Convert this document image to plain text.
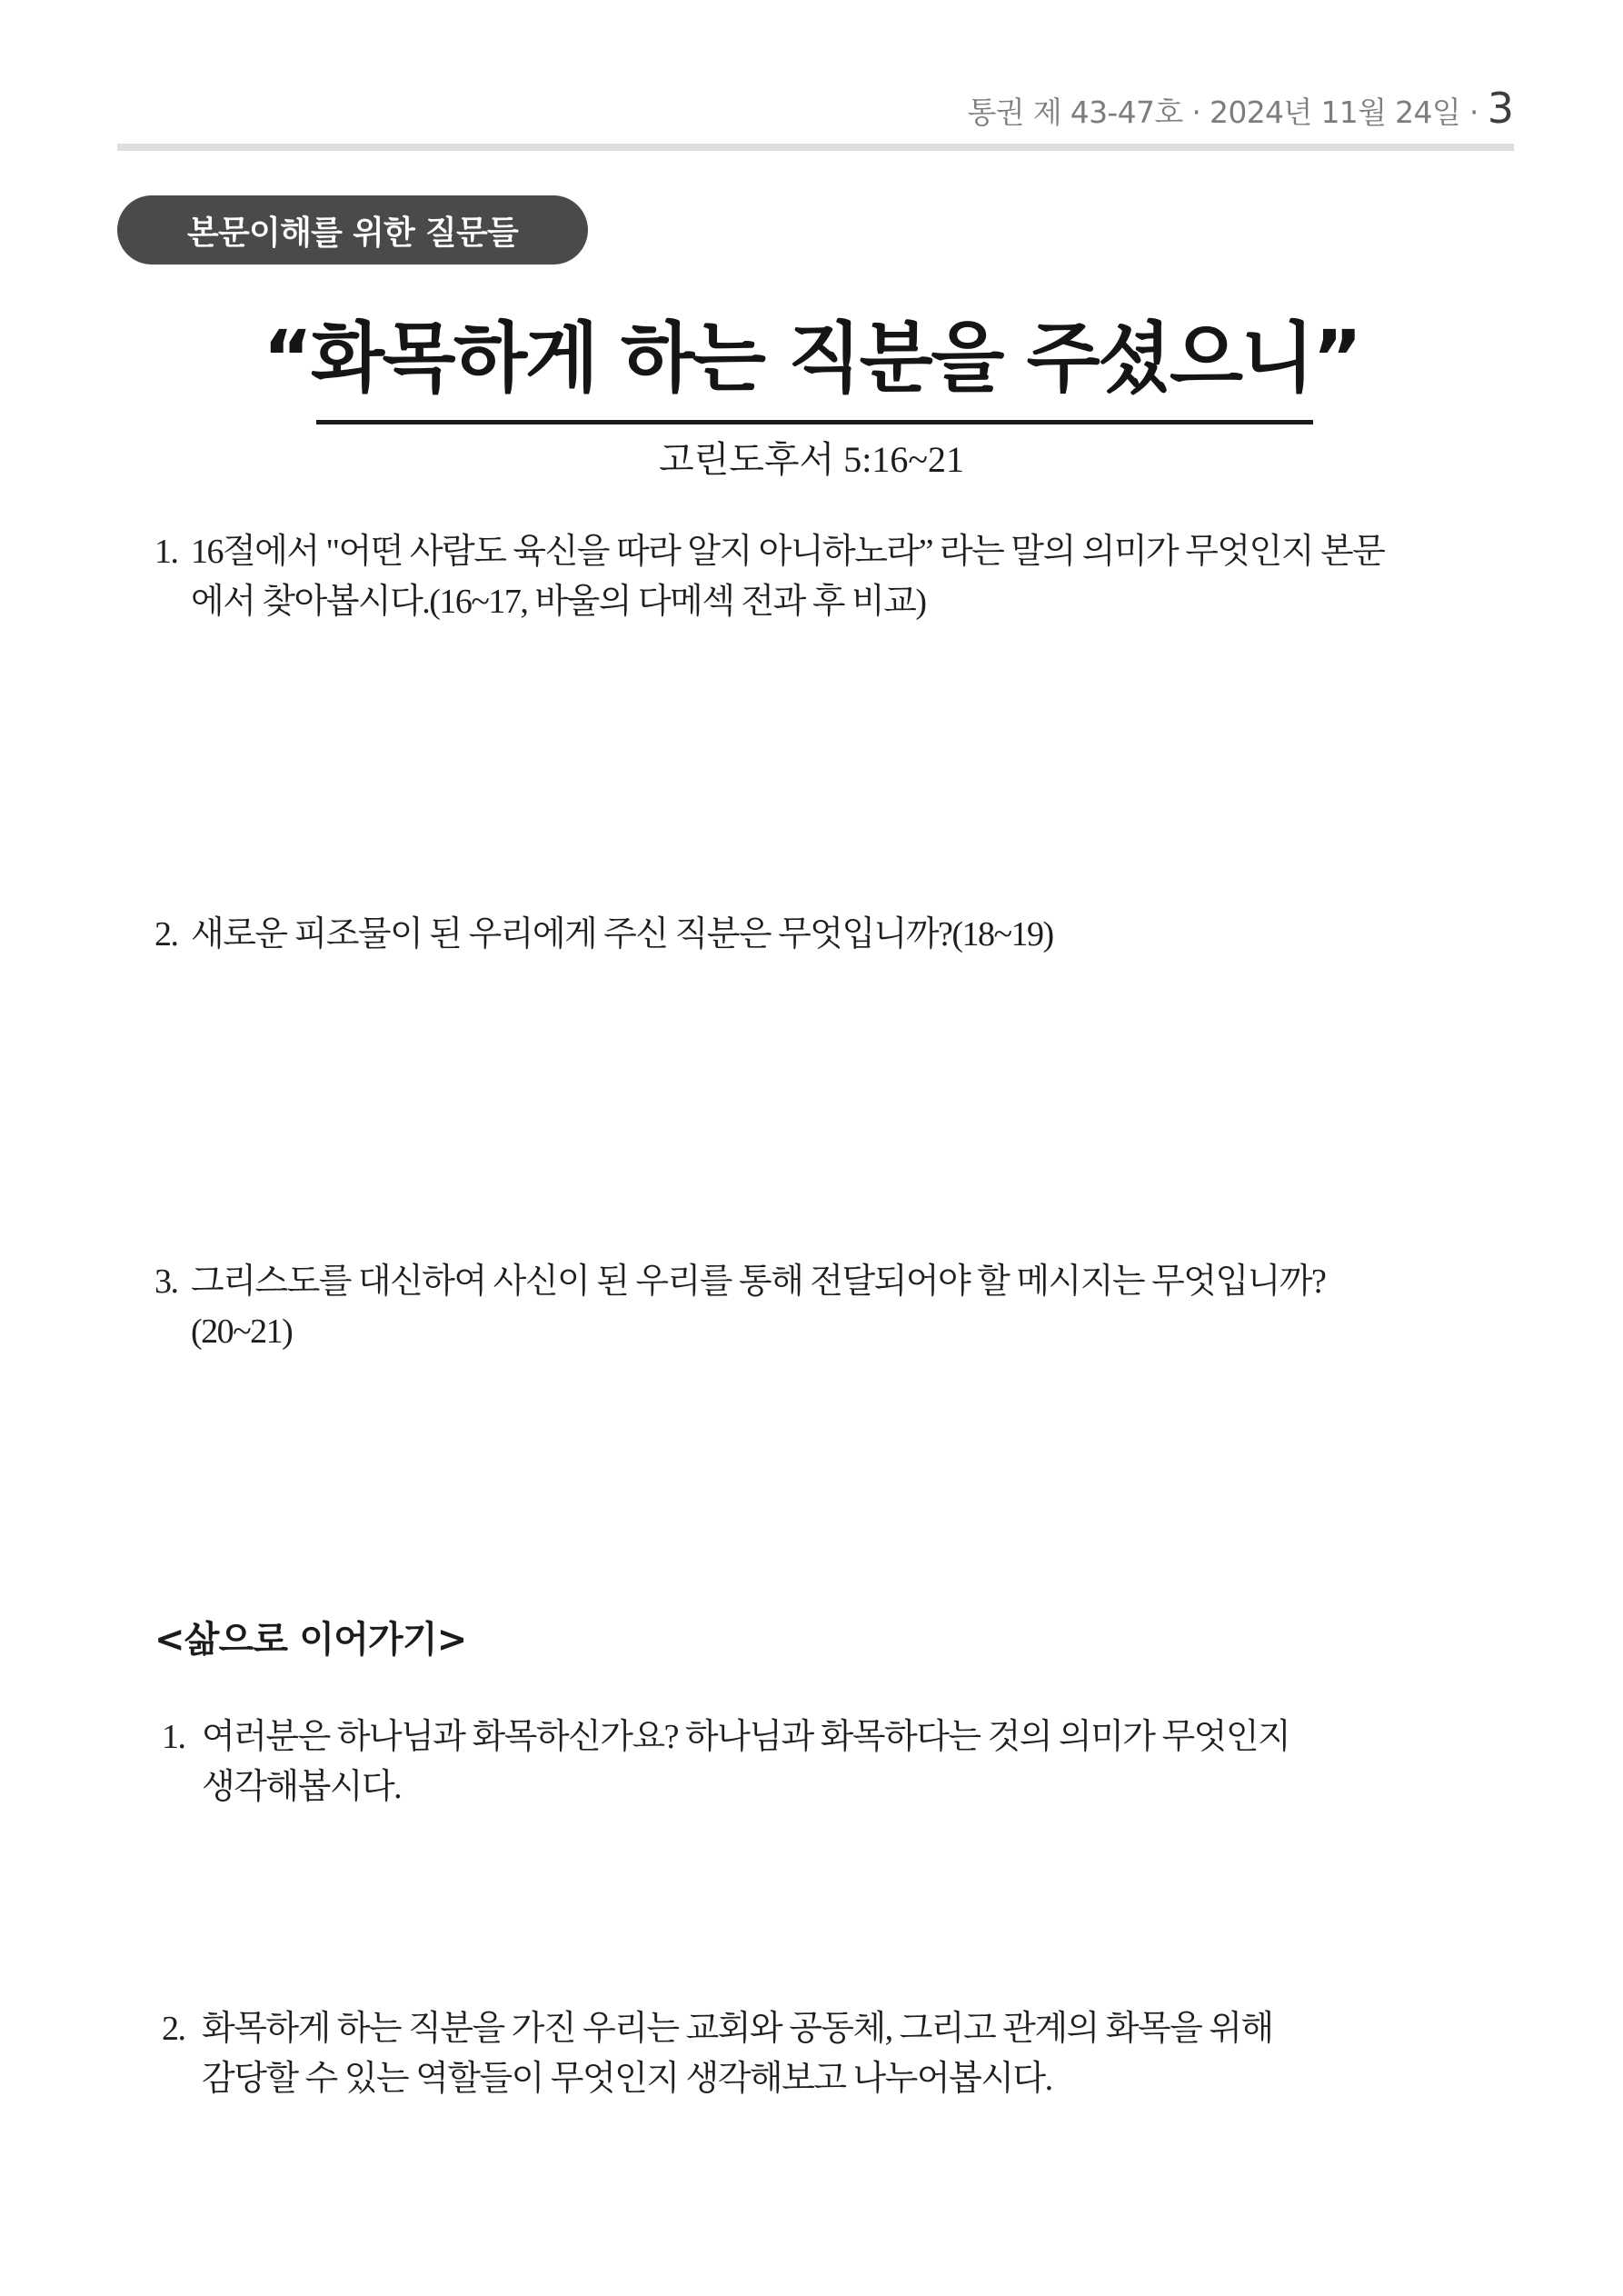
통권 제 43-47호 · 2024년 11월 24일 · 3
본문이해를 위한 질문들
“화목하게 하는 직분을 주셨으니”
고린도후서 5:16~21
1. 16절에서 "어떤 사람도 육신을 따라 알지 아니하노라” 라는 말의 의미가 무엇인지 본문
에서 찾아봅시다.(16~17, 바울의 다메섹 전과 후 비교)
2. 새로운 피조물이 된 우리에게 주신 직분은 무엇입니까?(18~19)
3. 그리스도를 대신하여 사신이 된 우리를 통해 전달되어야 할 메시지는 무엇입니까?
(20~21)
<삶으로 이어가기>
1. 여러분은 하나님과 화목하신가요? 하나님과 화목하다는 것의 의미가 무엇인지
생각해봅시다.
2. 화목하게 하는 직분을 가진 우리는 교회와 공동체, 그리고 관계의 화목을 위해
감당할 수 있는 역할들이 무엇인지 생각해보고 나누어봅시다.
